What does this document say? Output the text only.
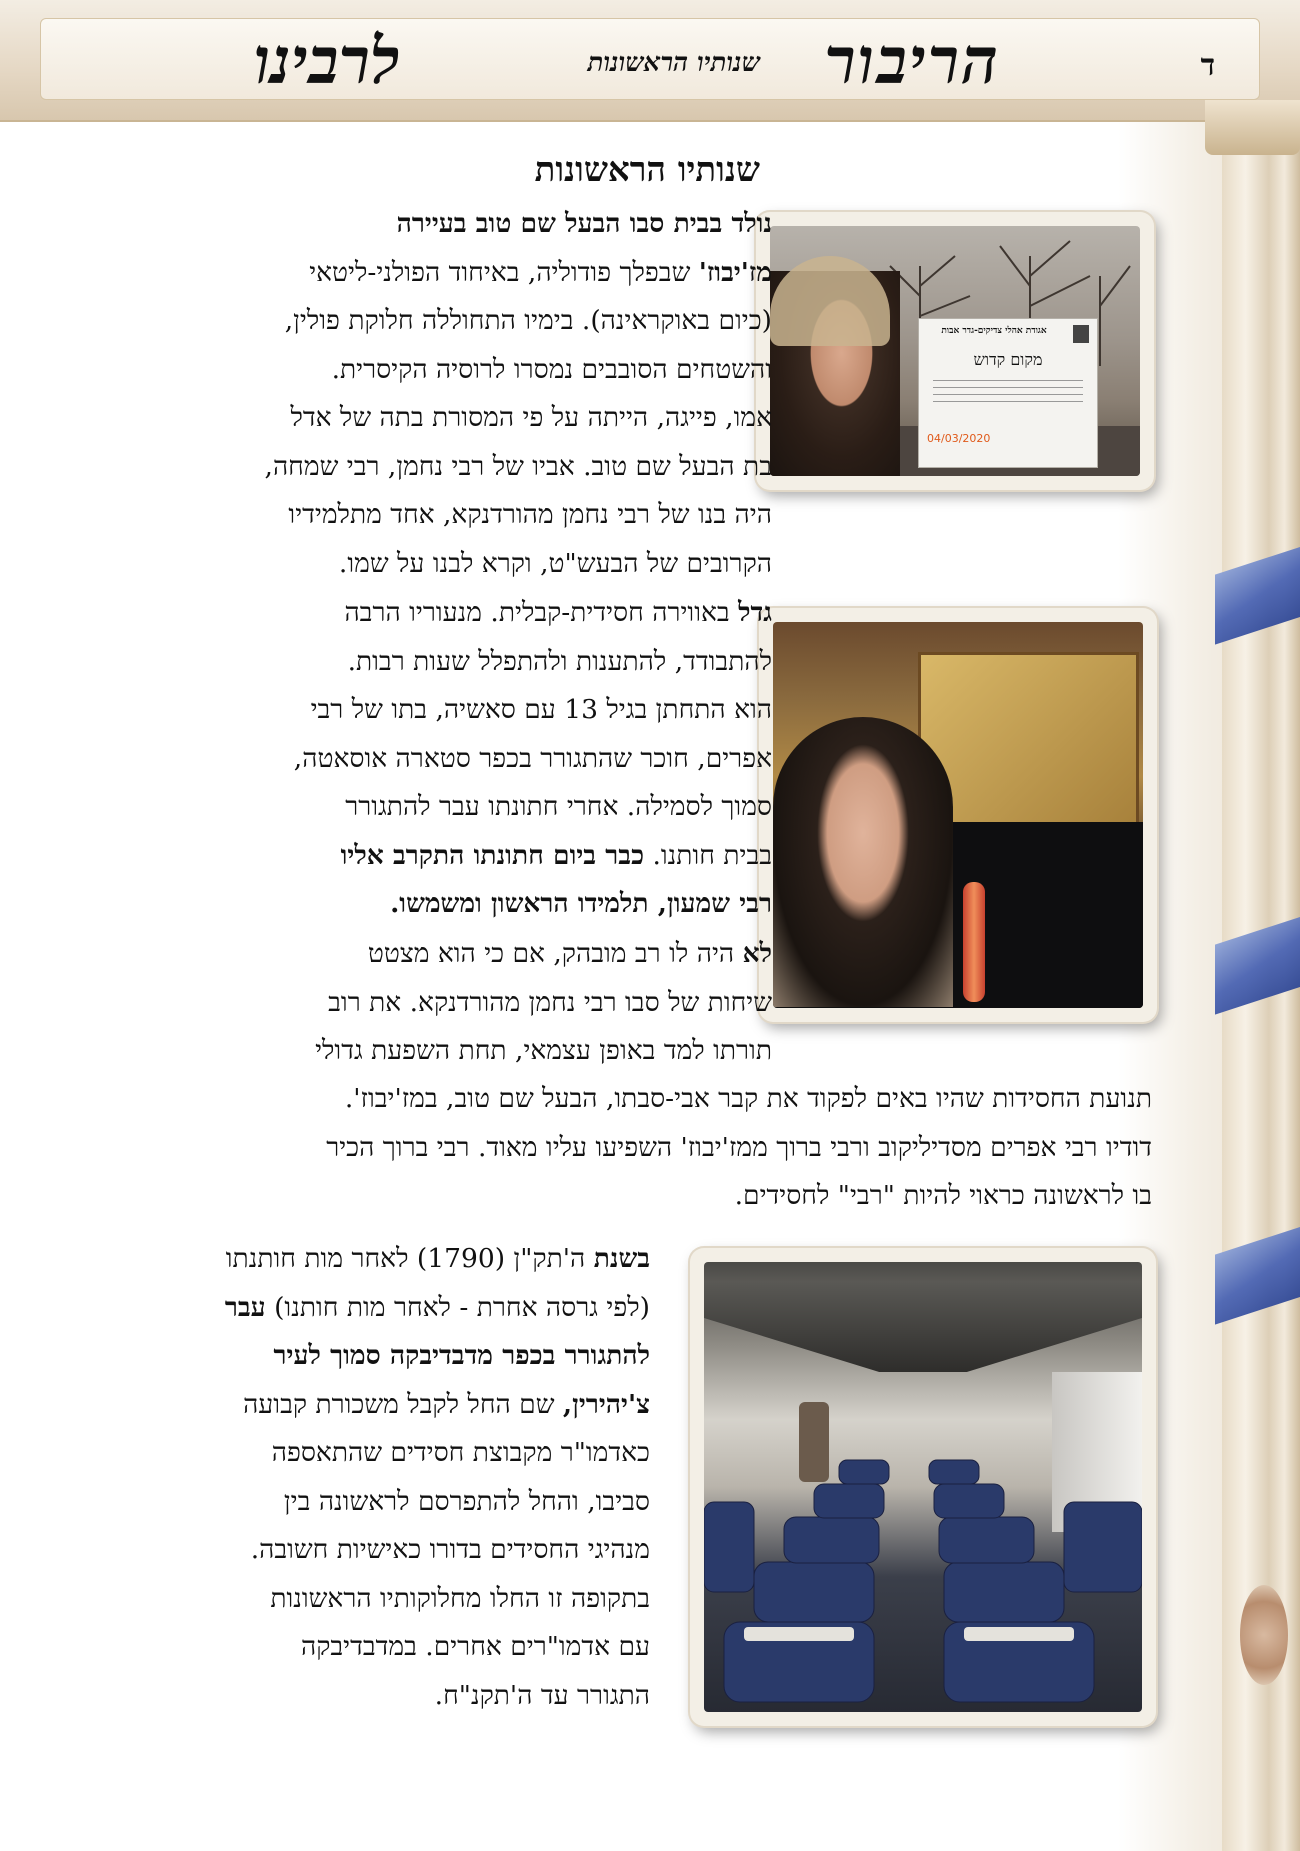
ד
הריבור
שנותיו הראשונות
לרבינו
שנותיו הראשונות
אגודת אהלי צדיקים-גדר אבות
מקום קדוש
04/03/2020
נולד בבית סבו הבעל שם טוב בעיירה
מז'יבוז' שבפלך פודוליה, באיחוד הפולני-ליטאי
(כיום באוקראינה). בימיו התחוללה חלוקת פולין,
והשטחים הסובבים נמסרו לרוסיה הקיסרית.
אמו, פייגה, הייתה על פי המסורת בתה של אדל
בת הבעל שם טוב. אביו של רבי נחמן, רבי שמחה,
היה בנו של רבי נחמן מהורדנקא, אחד מתלמידיו
הקרובים של הבעש"ט, וקרא לבנו על שמו.
גדל באווירה חסידית-קבלית. מנעוריו הרבה
להתבודד, להתענות ולהתפלל שעות רבות.
הוא התחתן בגיל 13 עם סאשיה, בתו של רבי
אפרים, חוכר שהתגורר בכפר סטארה אוסאטה,
סמוך לסמילה. אחרי חתונתו עבר להתגורר
בבית חותנו. כבר ביום חתונתו התקרב אליו
רבי שמעון, תלמידו הראשון ומשמשו.
לא היה לו רב מובהק, אם כי הוא מצטט
שיחות של סבו רבי נחמן מהורדנקא. את רוב
תורתו למד באופן עצמאי, תחת השפעת גדולי
תנועת החסידות שהיו באים לפקוד את קבר אבי-סבתו, הבעל שם טוב, במז'יבוז'.
דודיו רבי אפרים מסדיליקוב ורבי ברוך ממז'יבוז' השפיעו עליו מאוד. רבי ברוך הכיר
בו לראשונה כראוי להיות "רבי" לחסידים.
בשנת ה'תק"ן (1790) לאחר מות חותנתו
(לפי גרסה אחרת - לאחר מות חותנו) עבר
להתגורר בכפר מדבדיבקה סמוך לעיר
צ'יהירין, שם החל לקבל משכורת קבועה
כאדמו"ר מקבוצת חסידים שהתאספה
סביבו, והחל להתפרסם לראשונה בין
מנהיגי החסידים בדורו כאישיות חשובה.
בתקופה זו החלו מחלוקותיו הראשונות
עם אדמו"רים אחרים. במדבדיבקה
התגורר עד ה'תקנ"ח.
